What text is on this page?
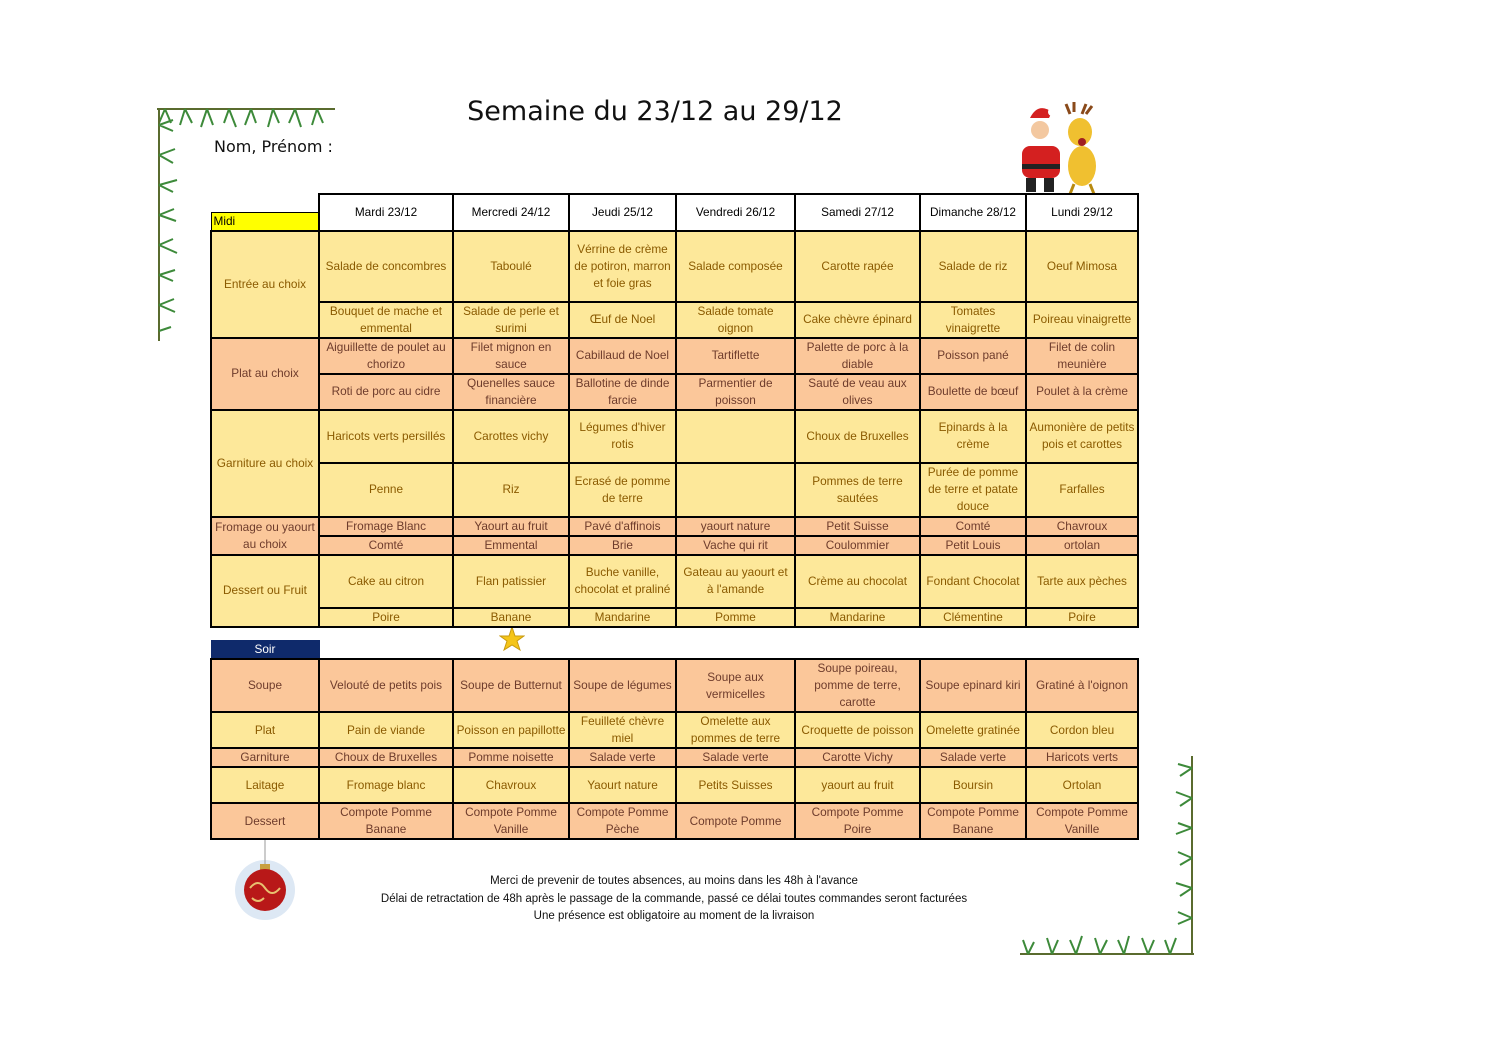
Semaine du 23/12 au 29/12
Nom, Prénom :
	Mardi 23/12	Mercredi 24/12	Jeudi 25/12	Vendredi 26/12	Samedi 27/12	Dimanche 28/12	Lundi 29/12
Midi							
Entrée au choix	Salade de concombres	Taboulé	Vérrine de crème de potiron, marron et foie gras	Salade composée	Carotte rapée	Salade de riz	Oeuf Mimosa
	Bouquet de mache et emmental	Salade de perle et surimi	Œuf de Noel	Salade tomate oignon	Cake chèvre épinard	Tomates vinaigrette	Poireau vinaigrette
Plat au choix	Aiguillette de poulet au chorizo	Filet mignon en sauce	Cabillaud de Noel	Tartiflette	Palette de porc à la diable	Poisson pané	Filet de colin meunière
	Roti de porc au cidre	Quenelles sauce financière	Ballotine de dinde farcie	Parmentier de poisson	Sauté de veau aux olives	Boulette de bœuf	Poulet à la crème
Garniture au choix	Haricots verts persillés	Carottes vichy	Légumes d'hiver rotis		Choux de Bruxelles	Epinards à la crème	Aumonière de petits pois et carottes
	Penne	Riz	Ecrasé de pomme de terre		Pommes de terre sautées	Purée de pomme de terre et patate douce	Farfalles
Fromage ou yaourt au choix	Fromage Blanc	Yaourt au fruit	Pavé d'affinois	yaourt nature	Petit Suisse	Comté	Chavroux
	Comté	Emmental	Brie	Vache qui rit	Coulommier	Petit Louis	ortolan
Dessert ou Fruit	Cake au citron	Flan patissier	Buche vanille, chocolat et praliné	Gateau au yaourt et à l'amande	Crème au chocolat	Fondant Chocolat	Tarte aux pèches
	Poire	Banane	Mandarine	Pomme	Mandarine	Clémentine	Poire
Soir							
Soupe	Velouté de petits pois	Soupe de Butternut	Soupe de légumes	Soupe aux vermicelles	Soupe poireau, pomme de terre, carotte	Soupe epinard kiri	Gratiné à l'oignon
Plat	Pain de viande	Poisson en papillotte	Feuilleté chèvre miel	Omelette aux pommes de terre	Croquette de poisson	Omelette gratinée	Cordon bleu
Garniture	Choux de Bruxelles	Pomme noisette	Salade verte	Salade verte	Carotte Vichy	Salade verte	Haricots verts
Laitage	Fromage blanc	Chavroux	Yaourt nature	Petits Suisses	yaourt au fruit	Boursin	Ortolan
Dessert	Compote Pomme Banane	Compote Pomme Vanille	Compote Pomme Pèche	Compote Pomme	Compote Pomme Poire	Compote Pomme Banane	Compote Pomme Vanille
Merci de prevenir de toutes absences, au moins dans les 48h à l'avance
Délai de retractation de 48h après le passage de la commande, passé ce délai toutes commandes seront facturées
Une présence est obligatoire au moment de la livraison
